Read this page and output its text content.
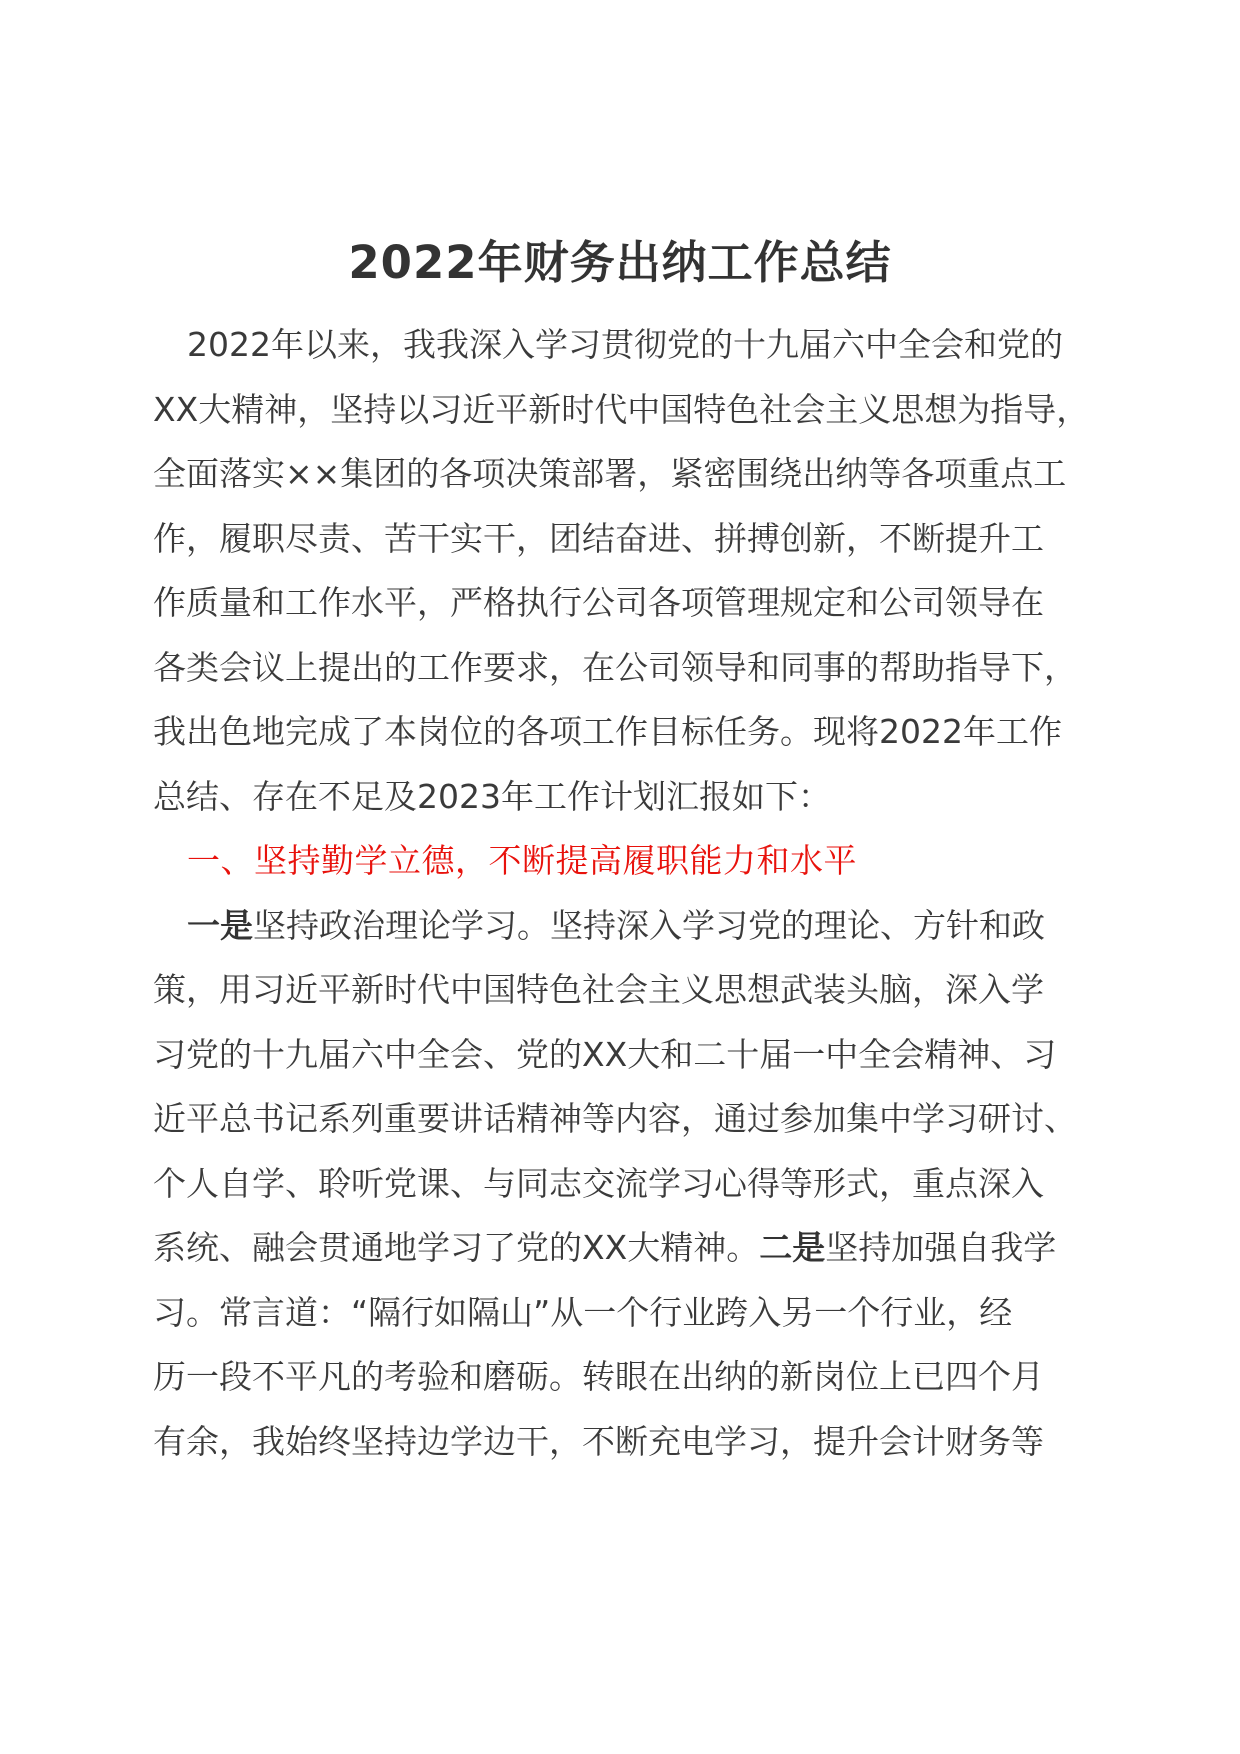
2022年财务出纳工作总结
2022年以来，我我深入学习贯彻党的十九届六中全会和党的
XX大精神，坚持以习近平新时代中国特色社会主义思想为指导，
全面落实××集团的各项决策部署，紧密围绕出纳等各项重点工
作，履职尽责、苦干实干，团结奋进、拼搏创新，不断提升工
作质量和工作水平，严格执行公司各项管理规定和公司领导在
各类会议上提出的工作要求，在公司领导和同事的帮助指导下，
我出色地完成了本岗位的各项工作目标任务。现将2022年工作
总结、存在不足及2023年工作计划汇报如下：
一、坚持勤学立德，不断提高履职能力和水平
一是坚持政治理论学习。坚持深入学习党的理论、方针和政
策，用习近平新时代中国特色社会主义思想武装头脑，深入学
习党的十九届六中全会、党的XX大和二十届一中全会精神、习
近平总书记系列重要讲话精神等内容，通过参加集中学习研讨、
个人自学、聆听党课、与同志交流学习心得等形式，重点深入
系统、融会贯通地学习了党的XX大精神。二是坚持加强自我学
习。常言道：“隔行如隔山”从一个行业跨入另一个行业，经
历一段不平凡的考验和磨砺。转眼在出纳的新岗位上已四个月
有余，我始终坚持边学边干，不断充电学习，提升会计财务等
